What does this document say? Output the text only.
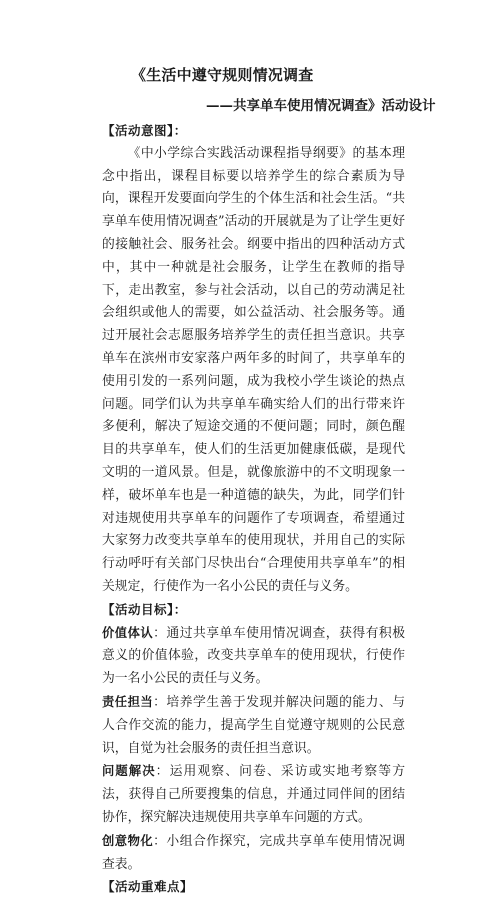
《生活中遵守规则情况调查
——共享单车使用情况调查》活动设计

【活动意图】：

《中小学综合实践活动课程指导纲要》的基本理念中指出，课程目标要以培养学生的综合素质为导向，课程开发要面向学生的个体生活和社会生活。“共享单车使用情况调查”活动的开展就是为了让学生更好的接触社会、服务社会。纲要中指出的四种活动方式中，其中一种就是社会服务，让学生在教师的指导下，走出教室，参与社会活动，以自己的劳动满足社会组织或他人的需要，如公益活动、社会服务等。通过开展社会志愿服务培养学生的责任担当意识。共享单车在滨州市安家落户两年多的时间了，共享单车的使用引发的一系列问题，成为我校小学生谈论的热点问题。同学们认为共享单车确实给人们的出行带来许多便利，解决了短途交通的不便问题；同时，颜色醒目的共享单车，使人们的生活更加健康低碳，是现代文明的一道风景。但是，就像旅游中的不文明现象一样，破坏单车也是一种道德的缺失，为此，同学们针对违规使用共享单车的问题作了专项调查，希望通过大家努力改变共享单车的使用现状，并用自己的实际行动呼吁有关部门尽快出台“合理使用共享单车”的相关规定，行使作为一名小公民的责任与义务。

【活动目标】：

价值体认：通过共享单车使用情况调查，获得有积极意义的价值体验，改变共享单车的使用现状，行使作为一名小公民的责任与义务。

责任担当：培养学生善于发现并解决问题的能力、与人合作交流的能力，提高学生自觉遵守规则的公民意识，自觉为社会服务的责任担当意识。

问题解决：运用观察、问卷、采访或实地考察等方法，获得自己所要搜集的信息，并通过同伴间的团结协作，探究解决违规使用共享单车问题的方式。

创意物化：小组合作探究，完成共享单车使用情况调查表。

【活动重难点】
